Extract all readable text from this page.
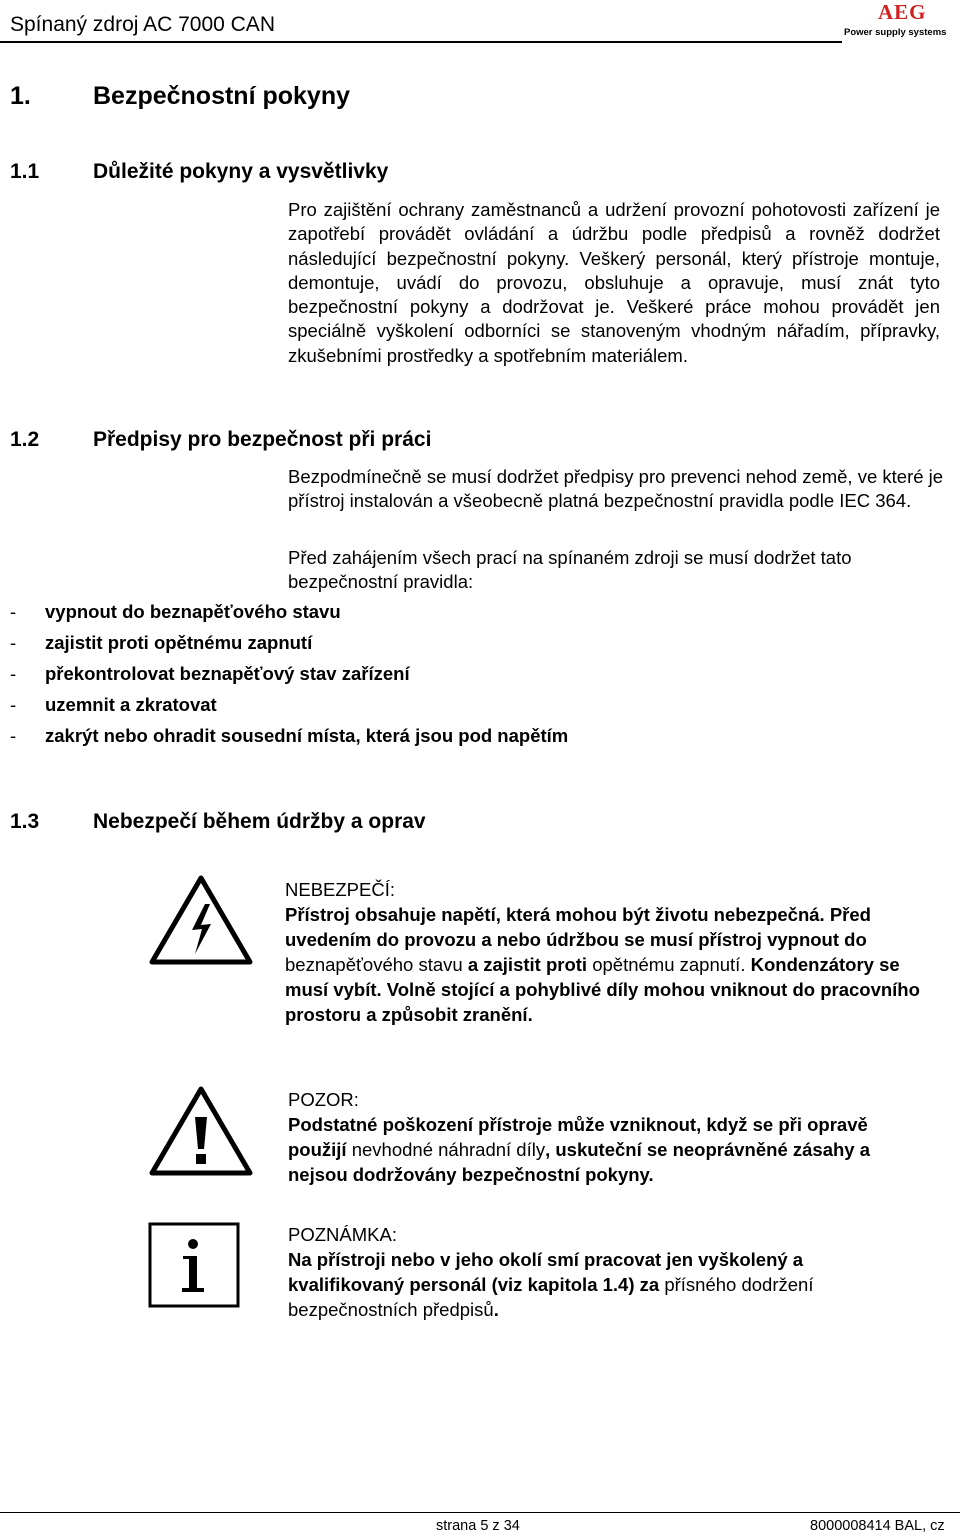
Spínaný zdroj AC 7000 CAN
AEG
Power supply systems
1. Bezpečnostní pokyny
1.1	Důležité pokyny a vysvětlivky

Pro zajištění ochrany zaměstnanců a udržení provozní pohotovosti zařízení je zapotřebí provádět ovládání a údržbu podle předpisů a rovněž dodržet následující bezpečnostní pokyny. Veškerý personál, který přístroje montuje, demontuje, uvádí do provozu, obsluhuje a opravuje, musí znát tyto bezpečnostní pokyny a dodržovat je. Veškeré práce mohou provádět jen speciálně vyškolení odborníci se stanoveným vhodným nářadím, přípravky, zkušebními prostředky a spotřebním materiálem.

1.2	Předpisy pro bezpečnost při práci

Bezpodmínečně se musí dodržet předpisy pro prevenci nehod země, ve které je přístroj instalován a všeobecně platná bezpečnostní pravidla podle IEC 364.

Před zahájením všech prací na spínaném zdroji se musí dodržet tato bezpečnostní pravidla:

- vypnout do beznapěťového stavu
- zajistit proti opětnému zapnutí
- překontrolovat beznapěťový stav zařízení
- uzemnit a zkratovat
- zakrýt nebo ohradit sousední místa, která jsou pod napětím
1.3	Nebezpečí během údržby a oprav
NEBEZPEČÍ:
Přístroj obsahuje napětí, která mohou být životu nebezpečná. Před uvedením do provozu a nebo údržbou se musí přístroj vypnout do beznapěťového stavu a zajistit proti opětnému zapnutí. Kondenzátory se musí vybít. Volně stojící a pohyblivé díly mohou vniknout do pracovního prostoru a způsobit zranění.
POZOR:
Podstatné poškození přístroje může vzniknout, když se při opravě použijí nevhodné náhradní díly, uskuteční se neoprávněné zásahy a nejsou dodržovány bezpečnostní pokyny.
POZNÁMKA:
Na přístroji nebo v jeho okolí smí pracovat jen vyškolený a kvalifikovaný personál (viz kapitola 1.4) za přísného dodržení bezpečnostních předpisů.
strana 5 z 34	8000008414 BAL, cz
